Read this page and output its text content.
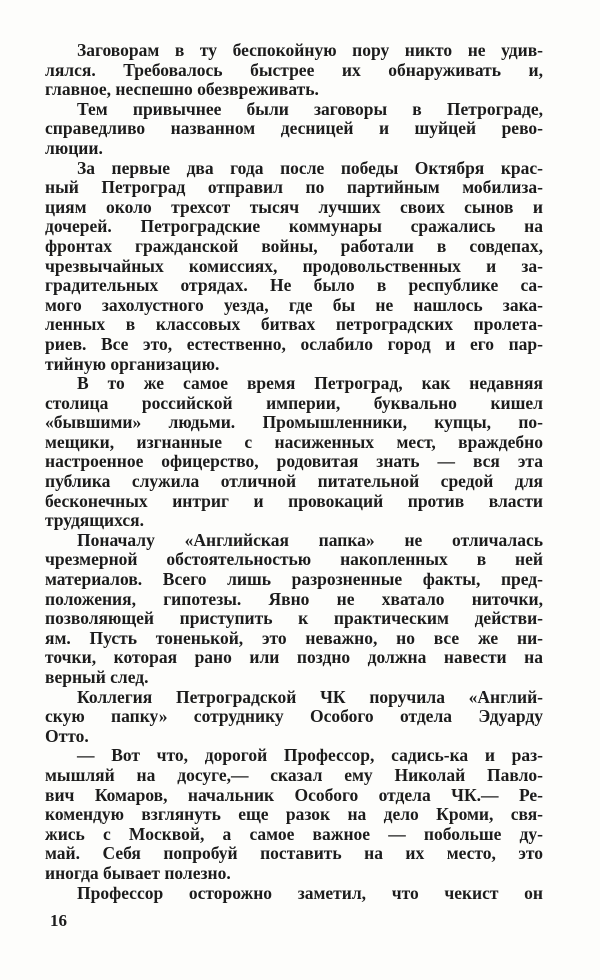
Заговорам в ту беспокойную пору никто не удив-
лялся. Требовалось быстрее их обнаруживать и,
главное, неспешно обезвреживать.
Тем привычнее были заговоры в Петрограде,
справедливо названном десницей и шуйцей рево-
люции.
За первые два года после победы Октября крас-
ный Петроград отправил по партийным мобилиза-
циям около трехсот тысяч лучших своих сынов и
дочерей. Петроградские коммунары сражались на
фронтах гражданской войны, работали в совдепах,
чрезвычайных комиссиях, продовольственных и за-
градительных отрядах. Не было в республике са-
мого захолустного уезда, где бы не нашлось зака-
ленных в классовых битвах петроградских пролета-
риев. Все это, естественно, ослабило город и его пар-
тийную организацию.
В то же самое время Петроград, как недавняя
столица российской империи, буквально кишел
«бывшими» людьми. Промышленники, купцы, по-
мещики, изгнанные с насиженных мест, враждебно
настроенное офицерство, родовитая знать — вся эта
публика служила отличной питательной средой для
бесконечных интриг и провокаций против власти
трудящихся.
Поначалу «Английская папка» не отличалась
чрезмерной обстоятельностью накопленных в ней
материалов. Всего лишь разрозненные факты, пред-
положения, гипотезы. Явно не хватало ниточки,
позволяющей приступить к практическим действи-
ям. Пусть тоненькой, это неважно, но все же ни-
точки, которая рано или поздно должна навести на
верный след.
Коллегия Петроградской ЧК поручила «Англий-
скую папку» сотруднику Особого отдела Эдуарду
Отто.
— Вот что, дорогой Профессор, садись-ка и раз-
мышляй на досуге,— сказал ему Николай Павло-
вич Комаров, начальник Особого отдела ЧК.— Ре-
комендую взглянуть еще разок на дело Кроми, свя-
жись с Москвой, а самое важное — побольше ду-
май. Себя попробуй поставить на их место, это
иногда бывает полезно.
Профессор осторожно заметил, что чекист он
16
